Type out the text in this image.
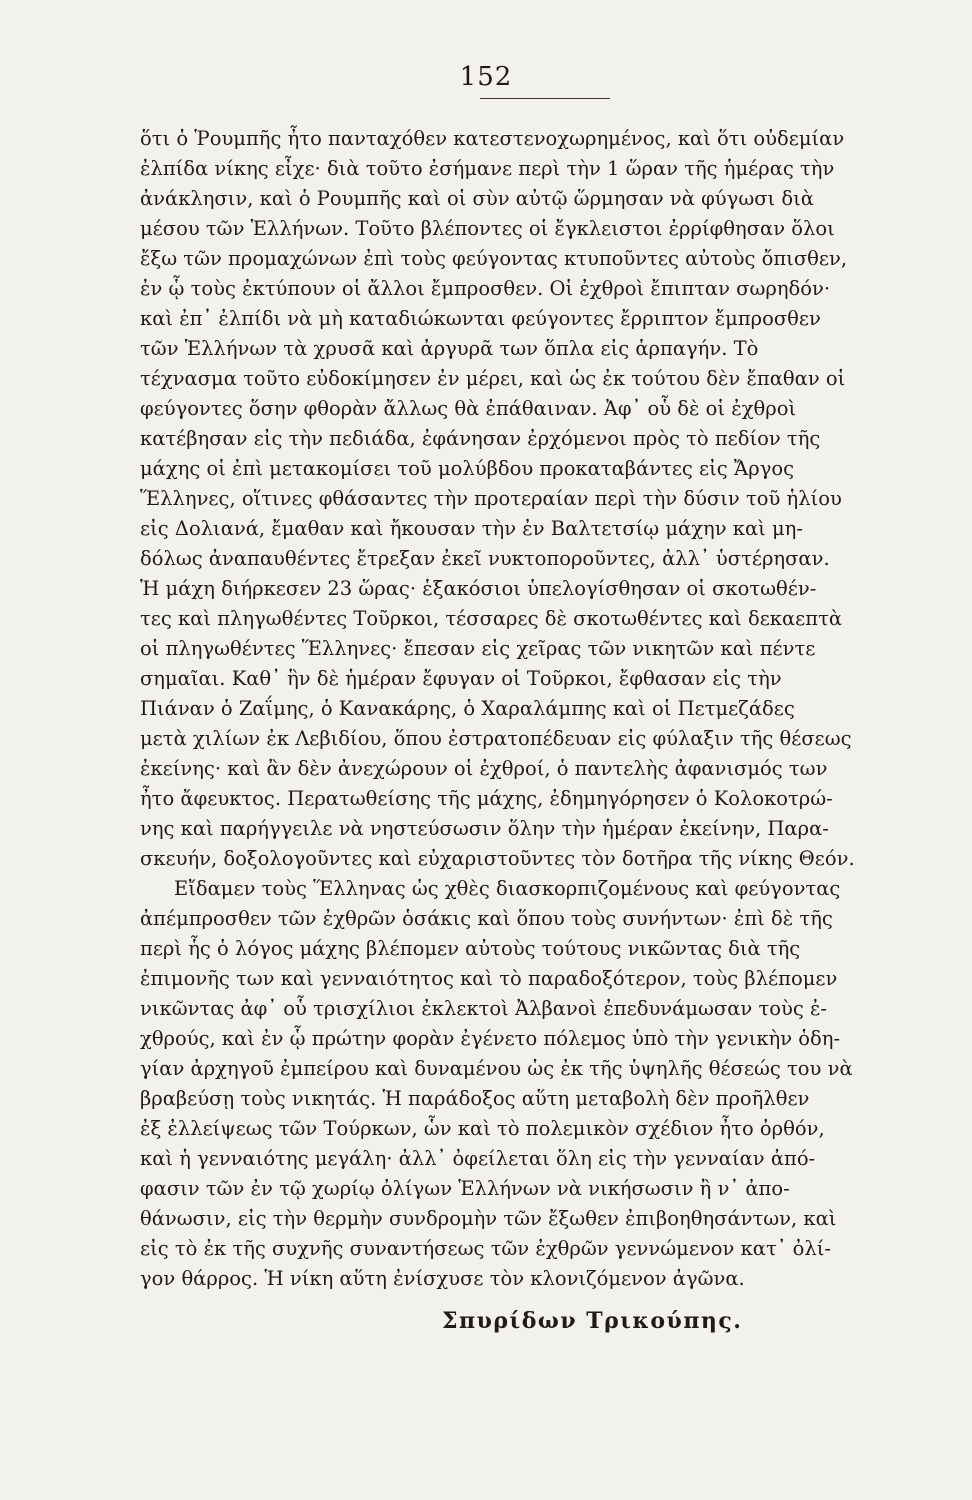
152
ὅτι ὁ Ῥουμπῆς ἦτο πανταχόθεν κατεστενοχωρημένος, καὶ ὅτι οὐδεμίαν
ἐλπίδα νίκης εἶχε· διὰ τοῦτο ἐσήμανε περὶ τὴν 1 ὥραν τῆς ἡμέρας τὴν
ἀνάκλησιν, καὶ ὁ Ρουμπῆς καὶ οἱ σὺν αὐτῷ ὥρμησαν νὰ φύγωσι διὰ
μέσου τῶν Ἑλλήνων. Τοῦτο βλέποντες οἱ ἔγκλειστοι ἐρρίφθησαν ὅλοι
ἔξω τῶν προμαχώνων ἐπὶ τοὺς φεύγοντας κτυποῦντες αὐτοὺς ὄπισθεν,
ἐν ᾧ τοὺς ἐκτύπουν οἱ ἄλλοι ἔμπροσθεν. Οἱ ἐχθροὶ ἔπιπταν σωρηδόν·
καὶ ἐπ᾽ ἐλπίδι νὰ μὴ καταδιώκωνται φεύγοντες ἔρριπτον ἔμπροσθεν
τῶν Ἑλλήνων τὰ χρυσᾶ καὶ ἀργυρᾶ των ὅπλα εἰς ἁρπαγήν. Τὸ
τέχνασμα τοῦτο εὐδοκίμησεν ἐν μέρει, καὶ ὡς ἐκ τούτου δὲν ἔπαθαν οἱ
φεύγοντες ὅσην φθορὰν ἄλλως θὰ ἐπάθαιναν. Ἀφ᾽ οὗ δὲ οἱ ἐχθροὶ
κατέβησαν εἰς τὴν πεδιάδα, ἐφάνησαν ἐρχόμενοι πρὸς τὸ πεδίον τῆς
μάχης οἱ ἐπὶ μετακομίσει τοῦ μολύβδου προκαταβάντες εἰς Ἄργος
Ἕλληνες, οἵτινες φθάσαντες τὴν προτεραίαν περὶ τὴν δύσιν τοῦ ἡλίου
εἰς Δολιανά, ἔμαθαν καὶ ἤκουσαν τὴν ἐν Βαλτετσίῳ μάχην καὶ μη-
δόλως ἀναπαυθέντες ἔτρεξαν ἐκεῖ νυκτοποροῦντες, ἀλλ᾽ ὑστέρησαν.
Ἡ μάχη διήρκεσεν 23 ὥρας· ἑξακόσιοι ὑπελογίσθησαν οἱ σκοτωθέν-
τες καὶ πληγωθέντες Τοῦρκοι, τέσσαρες δὲ σκοτωθέντες καὶ δεκαεπτὰ
οἱ πληγωθέντες Ἕλληνες· ἔπεσαν εἰς χεῖρας τῶν νικητῶν καὶ πέντε
σημαῖαι. Καθ᾽ ἣν δὲ ἡμέραν ἔφυγαν οἱ Τοῦρκοι, ἔφθασαν εἰς τὴν
Πιάναν ὁ Ζαΐμης, ὁ Κανακάρης, ὁ Χαραλάμπης καὶ οἱ Πετμεζάδες
μετὰ χιλίων ἐκ Λεβιδίου, ὅπου ἐστρατοπέδευαν εἰς φύλαξιν τῆς θέσεως
ἐκείνης· καὶ ἂν δὲν ἀνεχώρουν οἱ ἐχθροί, ὁ παντελὴς ἀφανισμός των
ἦτο ἄφευκτος. Περατωθείσης τῆς μάχης, ἐδημηγόρησεν ὁ Κολοκοτρώ-
νης καὶ παρήγγειλε νὰ νηστεύσωσιν ὅλην τὴν ἡμέραν ἐκείνην, Παρα-
σκευήν, δοξολογοῦντες καὶ εὐχαριστοῦντες τὸν δοτῆρα τῆς νίκης Θεόν.
Εἴδαμεν τοὺς Ἕλληνας ὡς χθὲς διασκορπιζομένους καὶ φεύγοντας
ἀπέμπροσθεν τῶν ἐχθρῶν ὁσάκις καὶ ὅπου τοὺς συνήντων· ἐπὶ δὲ τῆς
περὶ ἧς ὁ λόγος μάχης βλέπομεν αὐτοὺς τούτους νικῶντας διὰ τῆς
ἐπιμονῆς των καὶ γενναιότητος καὶ τὸ παραδοξότερον, τοὺς βλέπομεν
νικῶντας ἀφ᾽ οὗ τρισχίλιοι ἐκλεκτοὶ Ἀλβανοὶ ἐπεδυνάμωσαν τοὺς ἐ-
χθρούς, καὶ ἐν ᾧ πρώτην φορὰν ἐγένετο πόλεμος ὑπὸ τὴν γενικὴν ὁδη-
γίαν ἀρχηγοῦ ἐμπείρου καὶ δυναμένου ὡς ἐκ τῆς ὑψηλῆς θέσεώς του νὰ
βραβεύσῃ τοὺς νικητάς. Ἡ παράδοξος αὕτη μεταβολὴ δὲν προῆλθεν
ἐξ ἐλλείψεως τῶν Τούρκων, ὧν καὶ τὸ πολεμικὸν σχέδιον ἦτο ὀρθόν,
καὶ ἡ γενναιότης μεγάλη· ἀλλ᾽ ὀφείλεται ὅλη εἰς τὴν γενναίαν ἀπό-
φασιν τῶν ἐν τῷ χωρίῳ ὀλίγων Ἑλλήνων νὰ νικήσωσιν ἢ ν᾽ ἀπο-
θάνωσιν, εἰς τὴν θερμὴν συνδρομὴν τῶν ἔξωθεν ἐπιβοηθησάντων, καὶ
εἰς τὸ ἐκ τῆς συχνῆς συναντήσεως τῶν ἐχθρῶν γεννώμενον κατ᾽ ὀλί-
γον θάρρος. Ἡ νίκη αὕτη ἐνίσχυσε τὸν κλονιζόμενον ἀγῶνα.
Σπυρίδων Τρικούπης.
